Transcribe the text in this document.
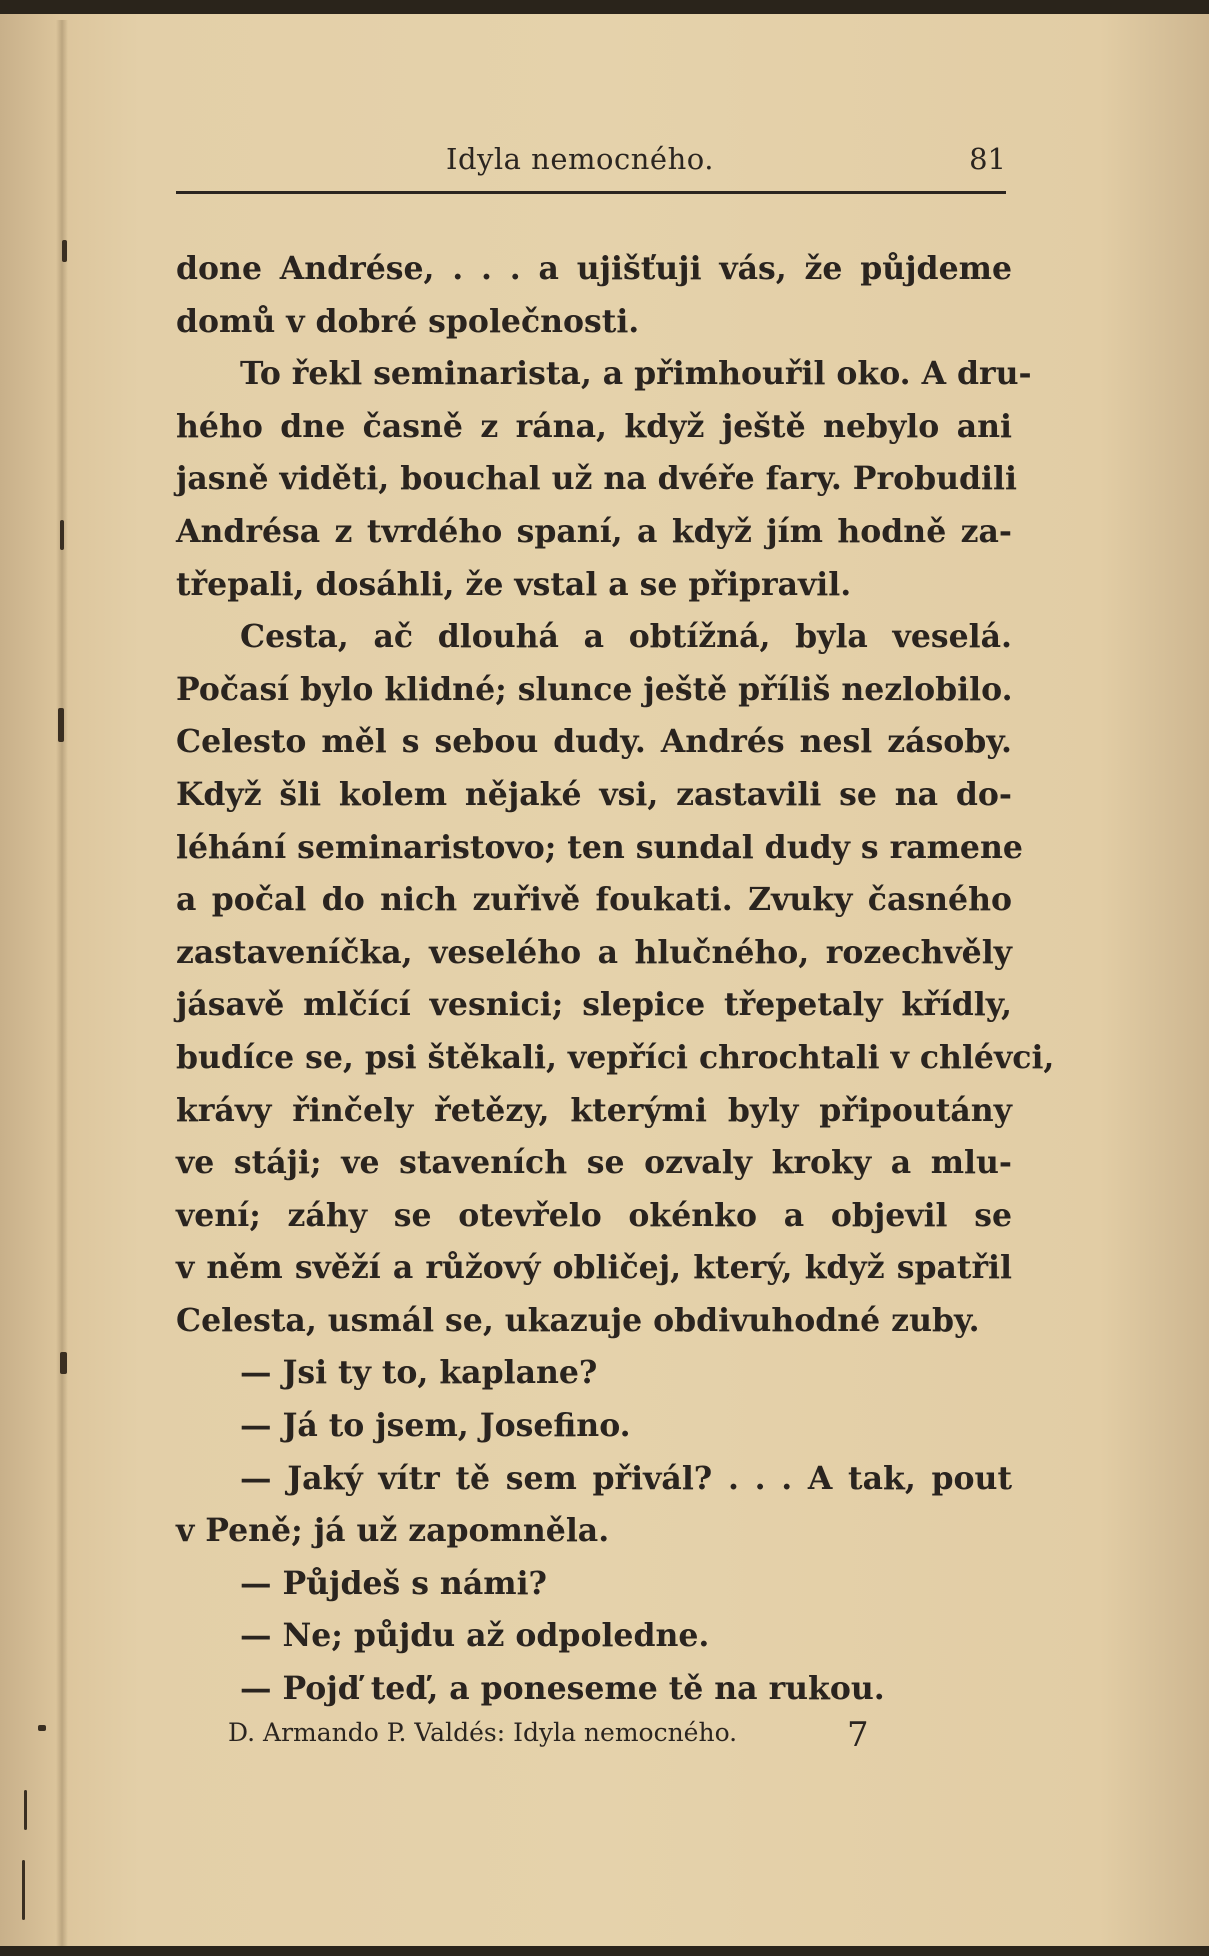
Idyla nemocného.	81
done Andrése, . . . a ujišťuji vás, že půjdeme
domů v dobré společnosti.
To řekl seminarista, a přimhouřil oko. A dru-
hého dne časně z rána, když ještě nebylo ani
jasně viděti, bouchal už na dvéře fary. Probudili
Andrésa z tvrdého spaní, a když jím hodně za-
třepali, dosáhli, že vstal a se připravil.
Cesta, ač dlouhá a obtížná, byla veselá.
Počasí bylo klidné; slunce ještě příliš nezlobilo.
Celesto měl s sebou dudy. Andrés nesl zásoby.
Když šli kolem nějaké vsi, zastavili se na do-
léhání seminaristovo; ten sundal dudy s ramene
a počal do nich zuřivě foukati. Zvuky časného
zastaveníčka, veselého a hlučného, rozechvěly
jásavě mlčící vesnici; slepice třepetaly křídly,
budíce se, psi štěkali, vepříci chrochtali v chlévci,
krávy řinčely řetězy, kterými byly připoutány
ve stáji; ve staveních se ozvaly kroky a mlu-
vení; záhy se otevřelo okénko a objevil se
v něm svěží a růžový obličej, který, když spatřil
Celesta, usmál se, ukazuje obdivuhodné zuby.
— Jsi ty to, kaplane?
— Já to jsem, Josefino.
— Jaký vítr tě sem přivál? . . . A tak, pout
v Peně; já už zapomněla.
— Půjdeš s námi?
— Ne; půjdu až odpoledne.
— Pojď teď, a poneseme tě na rukou.
D. Armando P. Valdés: Idyla nemocného.	7
